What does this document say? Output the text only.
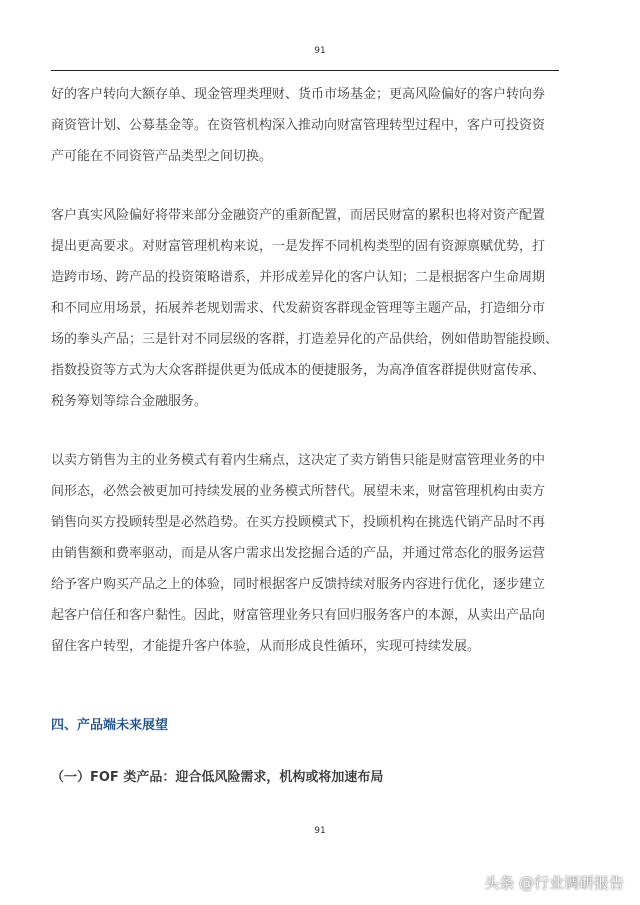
91

好的客户转向大额存单、现金管理类理财、货币市场基金；更高风险偏好的客户转向券
商资管计划、公募基金等。在资管机构深入推动向财富管理转型过程中，客户可投资资
产可能在不同资管产品类型之间切换。

客户真实风险偏好将带来部分金融资产的重新配置，而居民财富的累积也将对资产配置
提出更高要求。对财富管理机构来说，一是发挥不同机构类型的固有资源禀赋优势，打
造跨市场、跨产品的投资策略谱系，并形成差异化的客户认知；二是根据客户生命周期
和不同应用场景，拓展养老规划需求、代发薪资客群现金管理等主题产品，打造细分市
场的拳头产品；三是针对不同层级的客群，打造差异化的产品供给，例如借助智能投顾、
指数投资等方式为大众客群提供更为低成本的便捷服务，为高净值客群提供财富传承、
税务筹划等综合金融服务。

以卖方销售为主的业务模式有着内生痛点，这决定了卖方销售只能是财富管理业务的中
间形态，必然会被更加可持续发展的业务模式所替代。展望未来，财富管理机构由卖方
销售向买方投顾转型是必然趋势。在买方投顾模式下，投顾机构在挑选代销产品时不再
由销售额和费率驱动，而是从客户需求出发挖掘合适的产品，并通过常态化的服务运营
给予客户购买产品之上的体验，同时根据客户反馈持续对服务内容进行优化，逐步建立
起客户信任和客户黏性。因此，财富管理业务只有回归服务客户的本源，从卖出产品向
留住客户转型，才能提升客户体验，从而形成良性循环，实现可持续发展。

四、产品端未来展望
（一）FOF 类产品：迎合低风险需求，机构或将加速布局
91
头条 @行业调研报告
